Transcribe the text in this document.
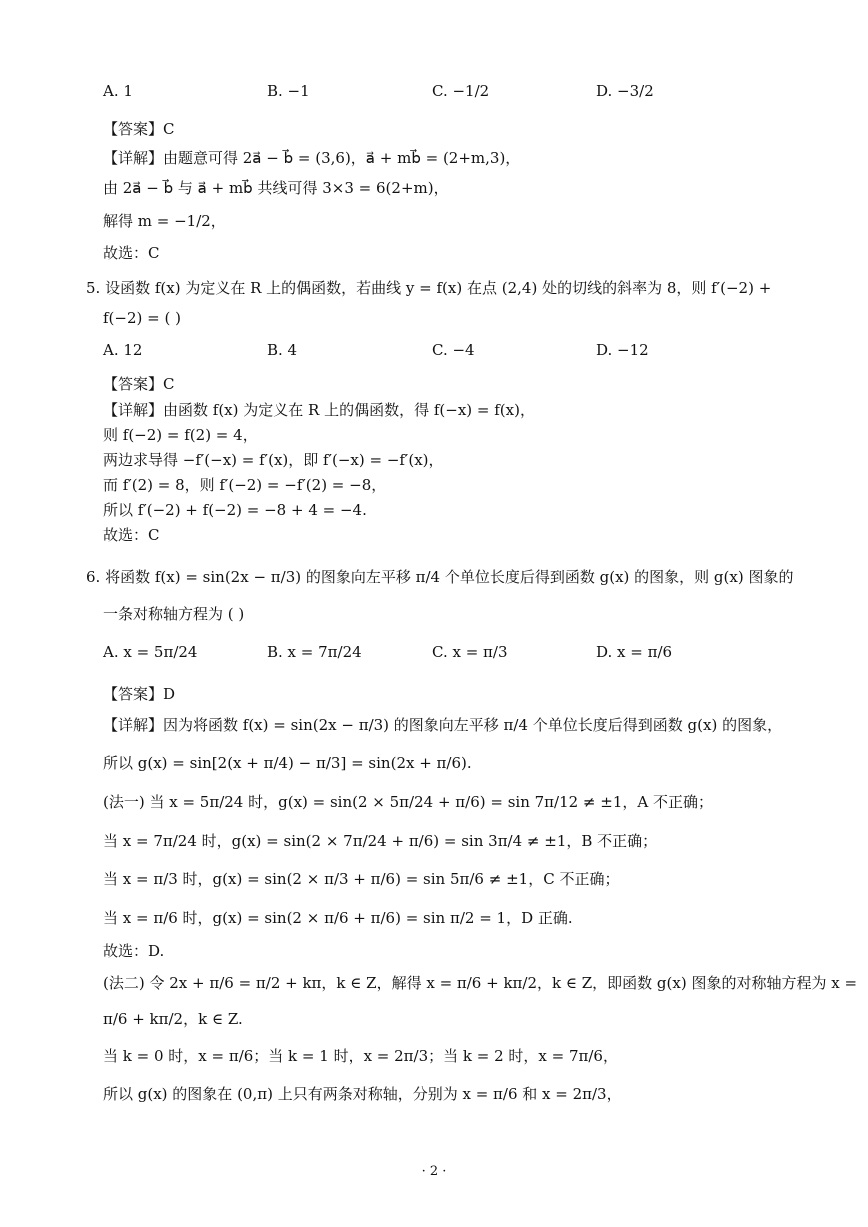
A. 1	B. −1	C. −1/2	D. −3/2
【答案】C
【详解】由题意可得 2a⃗ − b⃗ = (3,6)，a⃗ + mb⃗ = (2+m,3)，
由 2a⃗ − b⃗ 与 a⃗ + mb⃗ 共线可得 3×3 = 6(2+m)，
解得 m = −1/2，
故选：C
5. 设函数 f(x) 为定义在 R 上的偶函数，若曲线 y = f(x) 在点 (2,4) 处的切线的斜率为 8，则 f′(−2) +
f(−2) = ( )
A. 12	B. 4	C. −4	D. −12
【答案】C
【详解】由函数 f(x) 为定义在 R 上的偶函数，得 f(−x) = f(x)，
则 f(−2) = f(2) = 4，
两边求导得 −f′(−x) = f′(x)，即 f′(−x) = −f′(x)，
而 f′(2) = 8，则 f′(−2) = −f′(2) = −8，
所以 f′(−2) + f(−2) = −8 + 4 = −4.
故选：C
6. 将函数 f(x) = sin(2x − π/3) 的图象向左平移 π/4 个单位长度后得到函数 g(x) 的图象，则 g(x) 图象的
一条对称轴方程为 ( )
A. x = 5π/24	B. x = 7π/24	C. x = π/3	D. x = π/6
【答案】D
【详解】因为将函数 f(x) = sin(2x − π/3) 的图象向左平移 π/4 个单位长度后得到函数 g(x) 的图象，
所以 g(x) = sin[2(x + π/4) − π/3] = sin(2x + π/6).
(法一) 当 x = 5π/24 时，g(x) = sin(2 × 5π/24 + π/6) = sin 7π/12 ≠ ±1，A 不正确；
当 x = 7π/24 时，g(x) = sin(2 × 7π/24 + π/6) = sin 3π/4 ≠ ±1，B 不正确；
当 x = π/3 时，g(x) = sin(2 × π/3 + π/6) = sin 5π/6 ≠ ±1，C 不正确；
当 x = π/6 时，g(x) = sin(2 × π/6 + π/6) = sin π/2 = 1，D 正确.
故选：D.
(法二) 令 2x + π/6 = π/2 + kπ，k ∈ Z，解得 x = π/6 + kπ/2，k ∈ Z，即函数 g(x) 图象的对称轴方程为 x =
π/6 + kπ/2，k ∈ Z.
当 k = 0 时，x = π/6；当 k = 1 时，x = 2π/3；当 k = 2 时，x = 7π/6，
所以 g(x) 的图象在 (0,π) 上只有两条对称轴，分别为 x = π/6 和 x = 2π/3，
· 2 ·
